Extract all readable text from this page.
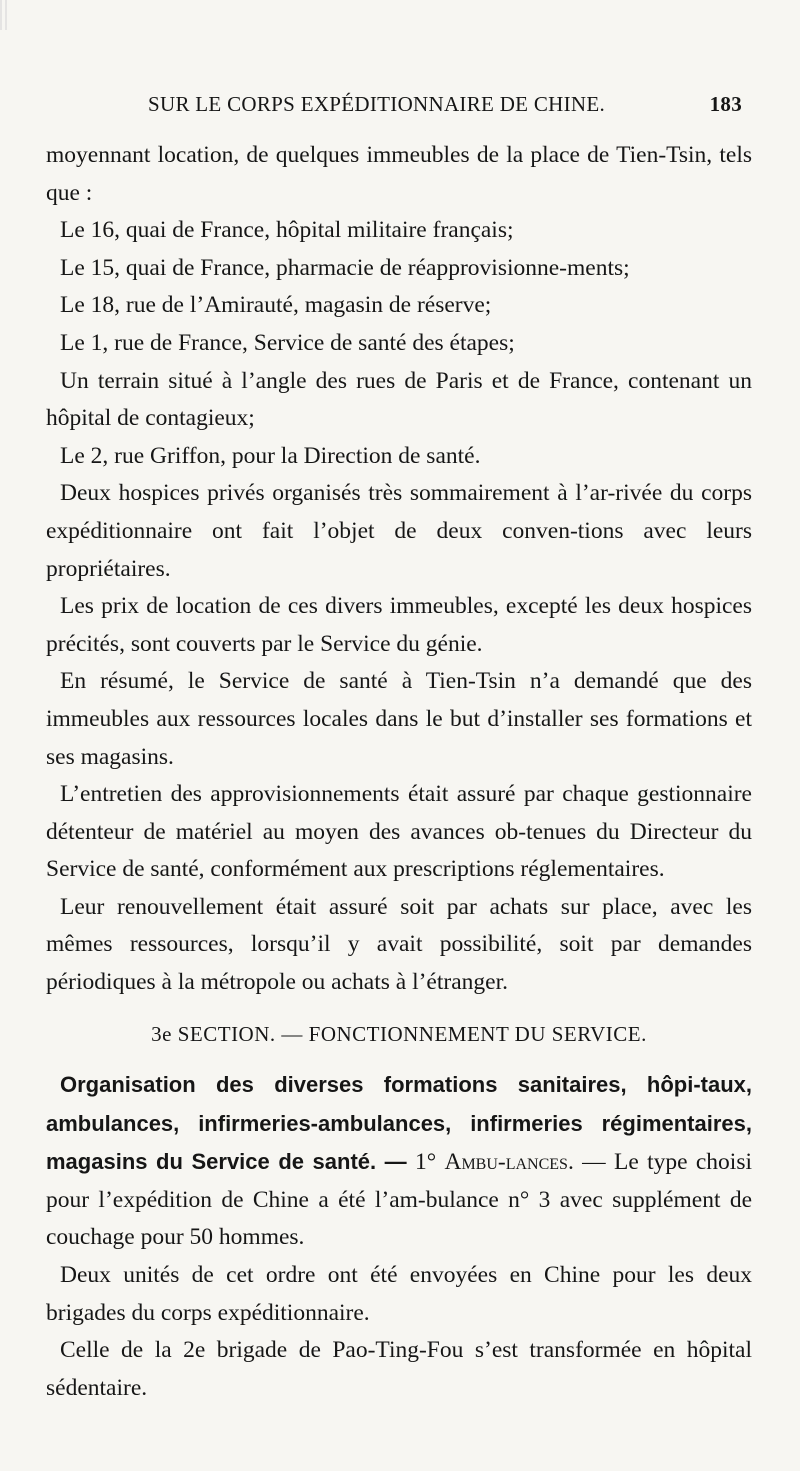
SUR LE CORPS EXPÉDITIONNAIRE DE CHINE.	183

moyennant location, de quelques immeubles de la place de Tien-Tsin, tels que :

Le 16, quai de France, hôpital militaire français;

Le 15, quai de France, pharmacie de réapprovisionne-ments;

Le 18, rue de l’Amirauté, magasin de réserve;

Le 1, rue de France, Service de santé des étapes;

Un terrain situé à l’angle des rues de Paris et de France, contenant un hôpital de contagieux;

Le 2, rue Griffon, pour la Direction de santé.

Deux hospices privés organisés très sommairement à l’ar-rivée du corps expéditionnaire ont fait l’objet de deux conven-tions avec leurs propriétaires.

Les prix de location de ces divers immeubles, excepté les deux hospices précités, sont couverts par le Service du génie.

En résumé, le Service de santé à Tien-Tsin n’a demandé que des immeubles aux ressources locales dans le but d’installer ses formations et ses magasins.

L’entretien des approvisionnements était assuré par chaque gestionnaire détenteur de matériel au moyen des avances ob-tenues du Directeur du Service de santé, conformément aux prescriptions réglementaires.

Leur renouvellement était assuré soit par achats sur place, avec les mêmes ressources, lorsqu’il y avait possibilité, soit par demandes périodiques à la métropole ou achats à l’étranger.

3e SECTION. — FONCTIONNEMENT DU SERVICE.

Organisation des diverses formations sanitaires, hôpi-taux, ambulances, infirmeries-ambulances, infirmeries régimentaires, magasins du Service de santé. — 1° Ambu-lances. — Le type choisi pour l’expédition de Chine a été l’am-bulance n° 3 avec supplément de couchage pour 50 hommes.

Deux unités de cet ordre ont été envoyées en Chine pour les deux brigades du corps expéditionnaire.

Celle de la 2e brigade de Pao-Ting-Fou s’est transformée en hôpital sédentaire.
